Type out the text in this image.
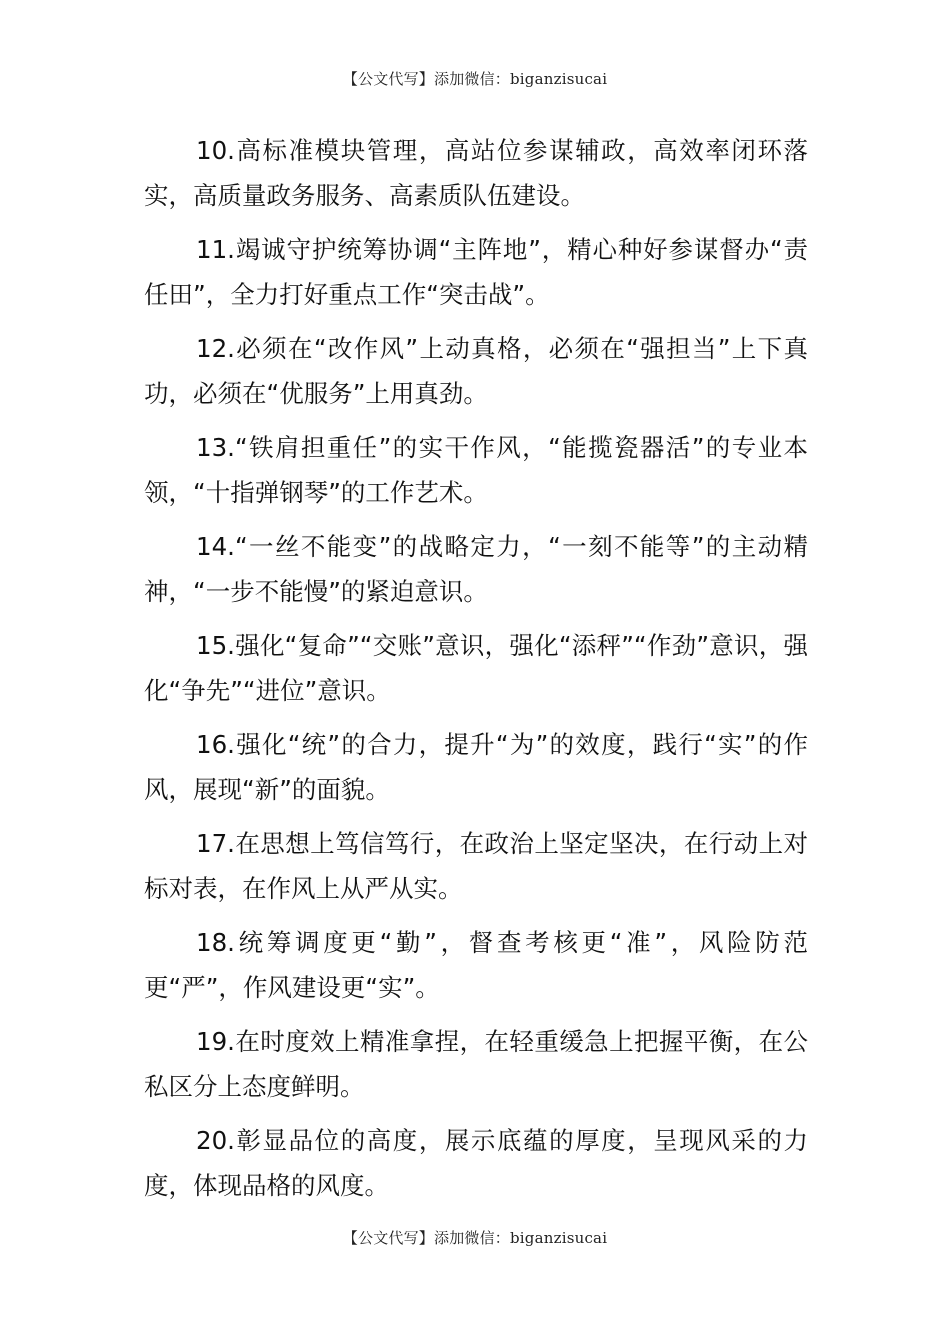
【公文代写】添加微信：biganzisucai

10.高标准模块管理，高站位参谋辅政，高效率闭环落实，高质量政务服务、高素质队伍建设。

11.竭诚守护统筹协调“主阵地”，精心种好参谋督办“责任田”，全力打好重点工作“突击战”。

12.必须在“改作风”上动真格，必须在“强担当”上下真功，必须在“优服务”上用真劲。

13.“铁肩担重任”的实干作风，“能揽瓷器活”的专业本领，“十指弹钢琴”的工作艺术。

14.“一丝不能变”的战略定力，“一刻不能等”的主动精神，“一步不能慢”的紧迫意识。

15.强化“复命”“交账”意识，强化“添秤”“作劲”意识，强化“争先”“进位”意识。

16.强化“统”的合力，提升“为”的效度，践行“实”的作风，展现“新”的面貌。

17.在思想上笃信笃行，在政治上坚定坚决，在行动上对标对表，在作风上从严从实。

18.统筹调度更“勤”，督查考核更“准”，风险防范更“严”，作风建设更“实”。

19.在时度效上精准拿捏，在轻重缓急上把握平衡，在公私区分上态度鲜明。

20.彰显品位的高度，展示底蕴的厚度，呈现风采的力度，体现品格的风度。

【公文代写】添加微信：biganzisucai
